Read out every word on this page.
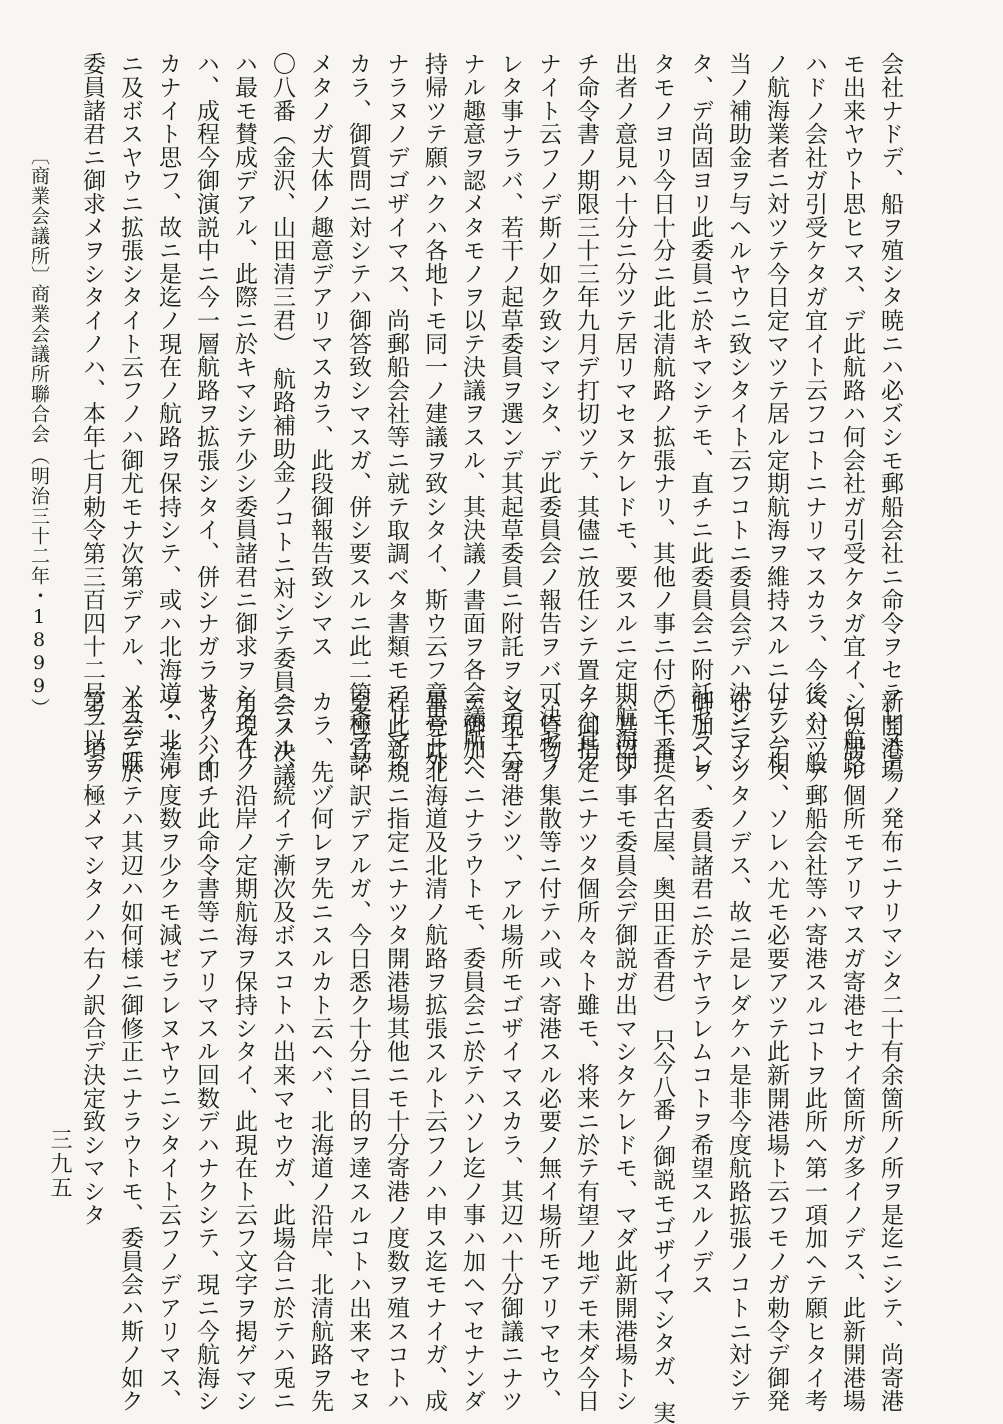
〔商業会議所〕
商業会議所聯合会
（明治三十二年・1899）	会社ナドデ、船ヲ殖シタ暁ニハ必ズシモ郵船会社ニ命令ヲセラレヌデ
モ出来ヤウト思ヒマス、デ此航路ハ何会社ガ引受ケタガ宜イ、何航路
ハドノ会社ガ引受ケタガ宜イト云フコトニナリマスカラ、今後ハ一般
ノ航海業者ニ対ツテ今日定マツテ居ル定期航海ヲ維持スルニ付テハ相
当ノ補助金ヲ与ヘルヤウニ致シタイト云フコトニ委員会デハ決シマシ
タ、デ尚固ヨリ此委員ニ於キマシテモ、直チニ此委員会ニ附託セラレ
タモノヨリ今日十分ニ此北清航路ノ拡張ナリ、其他ノ事ニ付テモ、提
出者ノ意見ハ十分ニ分ツテ居リマセヌケレドモ、要スルニ定期航海即
チ命令書ノ期限三十三年九月デ打切ツテ、其儘ニ放任シテ置クハ宜ク
ナイト云フノデ斯ノ如ク致シマシタ、デ此委員会ノ報告ヲバ可決セラ
レタ事ナラバ、若干ノ起草委員ヲ選ンデ其起草委員ニ附託ヲシテ十分
ナル趣意ヲ認メタモノヲ以テ決議ヲスル、其決議ノ書面ヲ各会議所へ
持帰ツテ願ハクハ各地トモ同一ノ建議ヲ致シタイ、斯ウ云フ意思ニ外
ナラヌノデゴザイマス、尚郵船会社等ニ就テ取調ベタ書類モアリマス
カラ、御質問ニ対シテハ御答致シマスガ、併シ要スルニ此二箇条ヲ認
メタノガ大体ノ趣意デアリマスカラ、此段御報告致シマス
〇八番（金沢、山田清三君）　航路補助金ノコトニ対シテ委員会ノ決議
ハ最モ賛成デアル、此際ニ於キマシテ少シ委員諸君ニ御求ヲシタイノ
ハ、成程今御演説中ニ今一層航路ヲ拡張シタイ、併シナガラサウハイ
カナイト思フ、故ニ是迄ノ現在ノ航路ヲ保持シテ、或ハ北海道・北清
ニ及ボスヤウニ拡張シタイト云フノハ御尤モナ次第デアル、ソコデ唯
委員諸君ニ御求メヲシタイノハ、本年七月勅令第三百四十二号ヲ以テ
新開港場ノ発布ニナリマシタ二十有余箇所ノ所ヲ是迄ニシテ、尚寄港
シテ居ル個所モアリマスガ寄港セナイ箇所ガ多イノデス、此新開港場
ヘ対ツテ郵船会社等ハ寄港スルコトヲ此所へ第一項加ヘテ願ヒタイ考
ナンデス、ソレハ尤モ必要アツテ此新開港場ト云フモノガ勅令デ御発
布ニナツタノデス、故ニ是レダケハ是非今度航路拡張ノコトニ対シテ
御加ヘヲ、委員諸君ニ於テヤラレムコトヲ希望スルノデス
〇十番（名古屋、奥田正香君）　只今八番ノ御説モゴザイマシタガ、実
ハ其辺ノ事モ委員会デ御説ガ出マシタケレドモ、マダ此新開港場トシ
テ御指定ニナツタ個所々々ト雖モ、将来ニ於テ有望ノ地デモ未ダ今日
ハ貨物ノ集散等ニ付テハ或ハ寄港スル必要ノ無イ場所モアリマセウ、
又現ニ寄港シツ、アル場所モゴザイマスカラ、其辺ハ十分御議ニナツ
テ御加ヘニナラウトモ、委員会ニ於テハソレ迄ノ事ハ加ヘマセナンダ
畢竟此北海道及北清ノ航路ヲ拡張スルト云フノハ申ス迄モナイガ、成
程此新規ニ指定ニナツタ開港場其他ニモ十分寄港ノ度数ヲ殖スコトハ
至極宜イ訳デアルガ、今日悉ク十分ニ目的ヲ達スルコトハ出来マセヌ
カラ、先ヅ何レヲ先ニスルカト云ヘバ、北海道ノ沿岸、北清航路ヲ先
ニスル、続イテ漸次及ボスコトハ出来マセウガ、此場合ニ於テハ兎ニ
角現在ノ沿岸ノ定期航海ヲ保持シタイ、此現在ト云フ文字ヲ掲ゲマシ
タノハ即チ此命令書等ニアリマスル回数デハナクシテ、現ニ今航海シ
ツ、アル度数ヲ少クモ減ゼラレヌヤウニシタイト云フノデアリマス、
本会ニ於テハ其辺ハ如何様ニ御修正ニナラウトモ、委員会ハ斯ノ如ク
第一項ヲ極メマシタノハ右ノ訳合デ決定致シマシタ
三九五
